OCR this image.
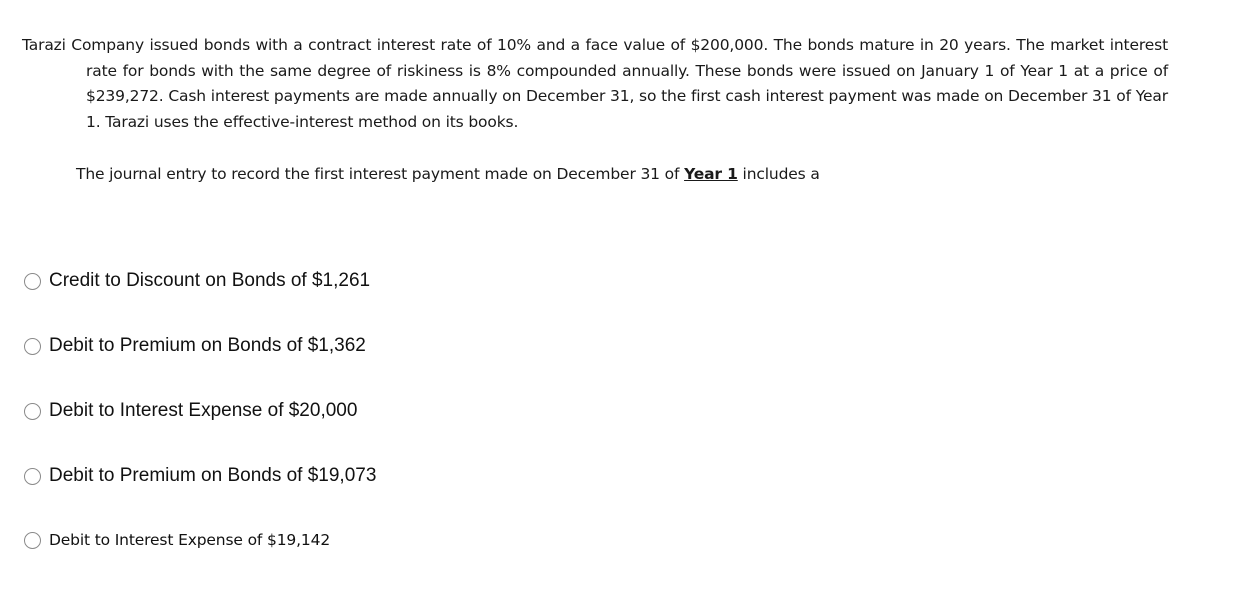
Tarazi Company issued bonds with a contract interest rate of 10% and a face value of $200,000. The bonds mature in 20 years. The market interest rate for bonds with the same degree of riskiness is 8% compounded annually. These bonds were issued on January 1 of Year 1 at a price of $239,272. Cash interest payments are made annually on December 31, so the first cash interest payment was made on December 31 of Year 1. Tarazi uses the effective-interest method on its books.
The journal entry to record the first interest payment made on December 31 of Year 1 includes a
Credit to Discount on Bonds of $1,261
Debit to Premium on Bonds of $1,362
Debit to Interest Expense of $20,000
Debit to Premium on Bonds of $19,073
Debit to Interest Expense of $19,142
